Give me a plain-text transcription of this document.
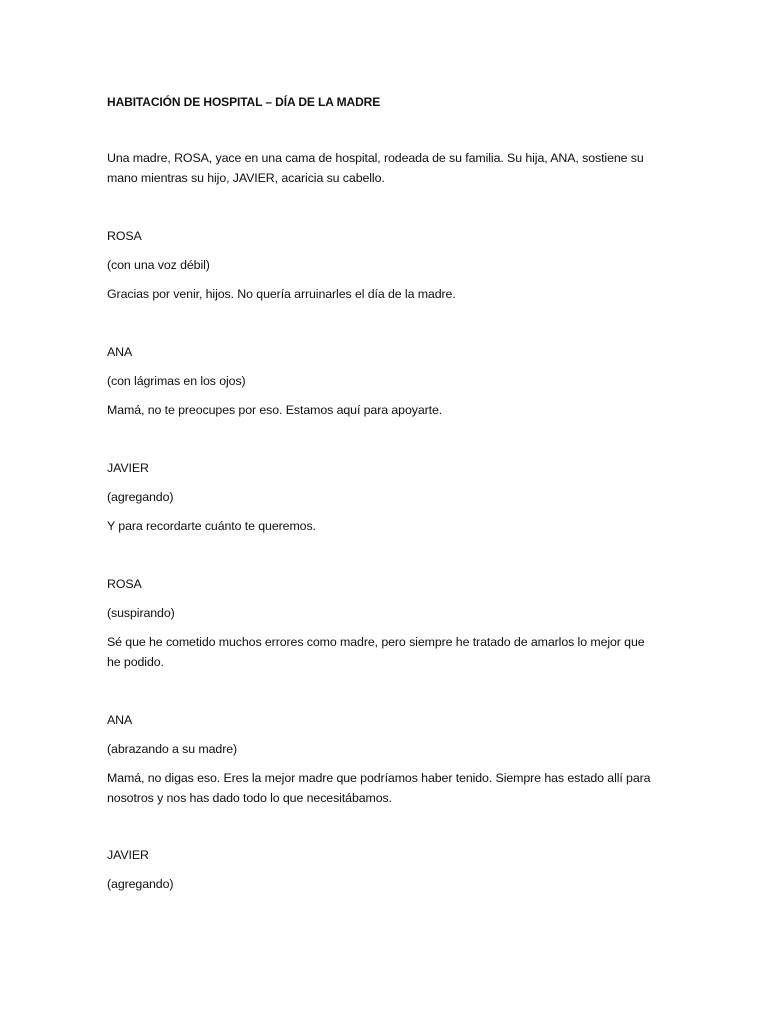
HABITACIÓN DE HOSPITAL – DÍA DE LA MADRE
Una madre, ROSA, yace en una cama de hospital, rodeada de su familia. Su hija, ANA, sostiene su mano mientras su hijo, JAVIER, acaricia su cabello.
ROSA
(con una voz débil)
Gracias por venir, hijos. No quería arruinarles el día de la madre.
ANA
(con lágrimas en los ojos)
Mamá, no te preocupes por eso. Estamos aquí para apoyarte.
JAVIER
(agregando)
Y para recordarte cuánto te queremos.
ROSA
(suspirando)
Sé que he cometido muchos errores como madre, pero siempre he tratado de amarlos lo mejor que he podido.
ANA
(abrazando a su madre)
Mamá, no digas eso. Eres la mejor madre que podríamos haber tenido. Siempre has estado allí para nosotros y nos has dado todo lo que necesitábamos.
JAVIER
(agregando)
